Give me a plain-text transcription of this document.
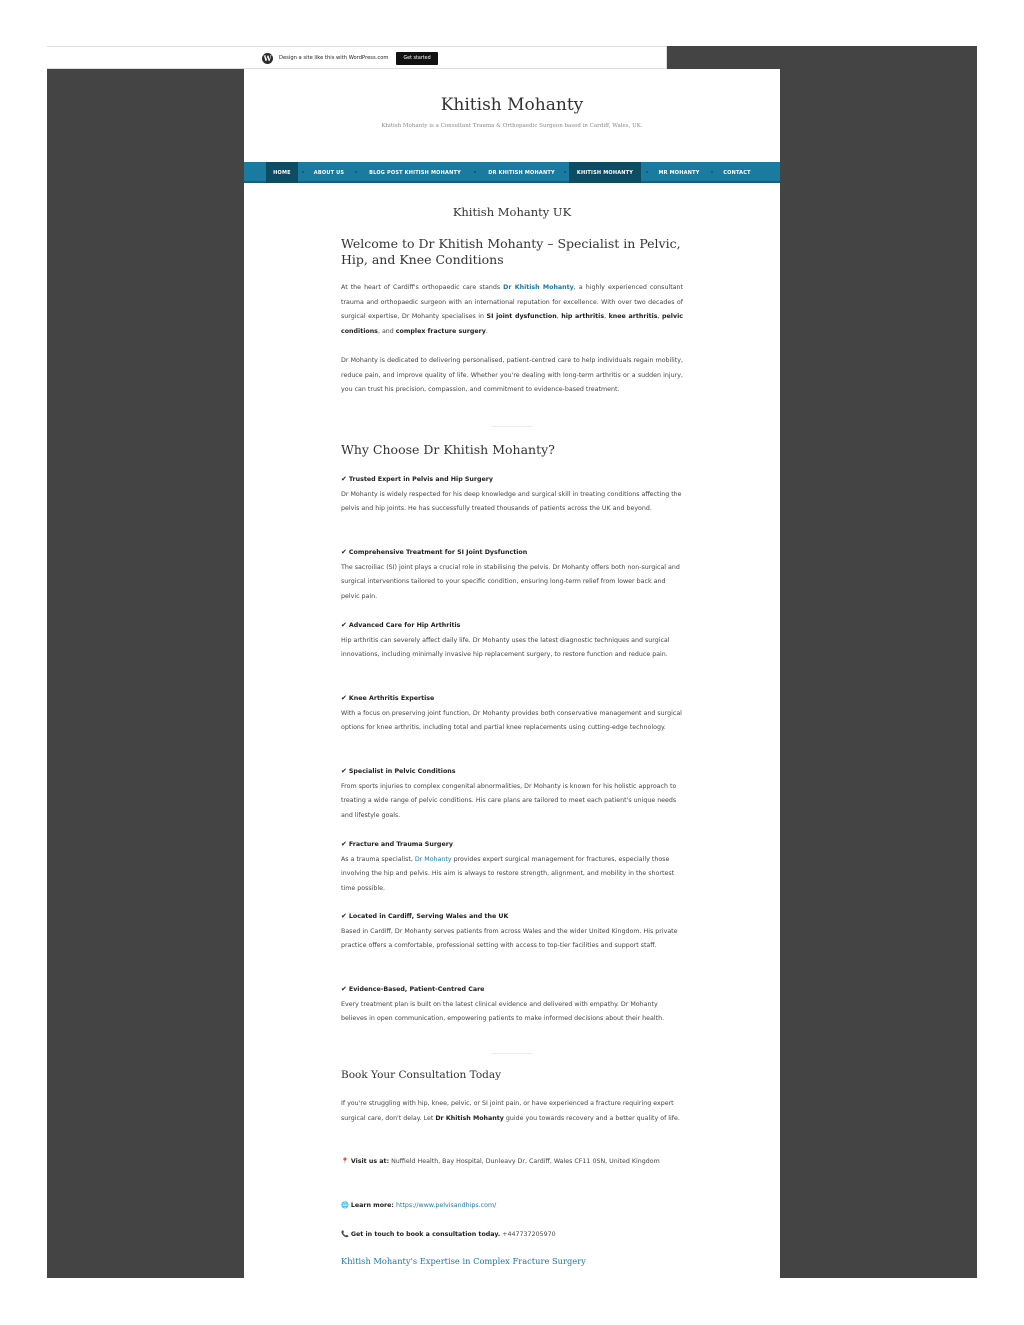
W	Design a site like this with WordPress.com	Get started
Khitish Mohanty
Khitish Mohanty is a Consultant Trauma & Orthopaedic Surgeon based in Cardiff, Wales, UK.
HOME	ABOUT US	BLOG POST KHITISH MOHANTY	DR KHITISH MOHANTY	KHITISH MOHANTY	MR MOHANTY	CONTACT
Khitish Mohanty UK
Welcome to Dr Khitish Mohanty – Specialist in Pelvic, Hip, and Knee Conditions

At the heart of Cardiff's orthopaedic care stands Dr Khitish Mohanty, a highly experienced consultant trauma and orthopaedic surgeon with an international reputation for excellence. With over two decades of surgical expertise, Dr Mohanty specialises in SI joint dysfunction, hip arthritis, knee arthritis, pelvic conditions, and complex fracture surgery.

Dr Mohanty is dedicated to delivering personalised, patient-centred care to help individuals regain mobility, reduce pain, and improve quality of life. Whether you're dealing with long-term arthritis or a sudden injury, you can trust his precision, compassion, and commitment to evidence-based treatment.

Why Choose Dr Khitish Mohanty?

✔ Trusted Expert in Pelvis and Hip Surgery
Dr Mohanty is widely respected for his deep knowledge and surgical skill in treating conditions affecting the pelvis and hip joints. He has successfully treated thousands of patients across the UK and beyond.

✔ Comprehensive Treatment for SI Joint Dysfunction
The sacroiliac (SI) joint plays a crucial role in stabilising the pelvis. Dr Mohanty offers both non-surgical and surgical interventions tailored to your specific condition, ensuring long-term relief from lower back and pelvic pain.

✔ Advanced Care for Hip Arthritis
Hip arthritis can severely affect daily life. Dr Mohanty uses the latest diagnostic techniques and surgical innovations, including minimally invasive hip replacement surgery, to restore function and reduce pain.

✔ Knee Arthritis Expertise
With a focus on preserving joint function, Dr Mohanty provides both conservative management and surgical options for knee arthritis, including total and partial knee replacements using cutting-edge technology.

✔ Specialist in Pelvic Conditions
From sports injuries to complex congenital abnormalities, Dr Mohanty is known for his holistic approach to treating a wide range of pelvic conditions. His care plans are tailored to meet each patient's unique needs and lifestyle goals.

✔ Fracture and Trauma Surgery
As a trauma specialist, Dr Mohanty provides expert surgical management for fractures, especially those involving the hip and pelvis. His aim is always to restore strength, alignment, and mobility in the shortest time possible.

✔ Located in Cardiff, Serving Wales and the UK
Based in Cardiff, Dr Mohanty serves patients from across Wales and the wider United Kingdom. His private practice offers a comfortable, professional setting with access to top-tier facilities and support staff.

✔ Evidence-Based, Patient-Centred Care
Every treatment plan is built on the latest clinical evidence and delivered with empathy. Dr Mohanty believes in open communication, empowering patients to make informed decisions about their health.

Book Your Consultation Today

If you're struggling with hip, knee, pelvic, or SI joint pain, or have experienced a fracture requiring expert surgical care, don't delay. Let Dr Khitish Mohanty guide you towards recovery and a better quality of life.

📍 Visit us at: Nuffield Health, Bay Hospital, Dunleavy Dr, Cardiff, Wales CF11 0SN, United Kingdom

🌐 Learn more: https://www.pelvisandhips.com/

📞 Get in touch to book a consultation today. +447737205970

Khitish Mohanty's Expertise in Complex Fracture Surgery
